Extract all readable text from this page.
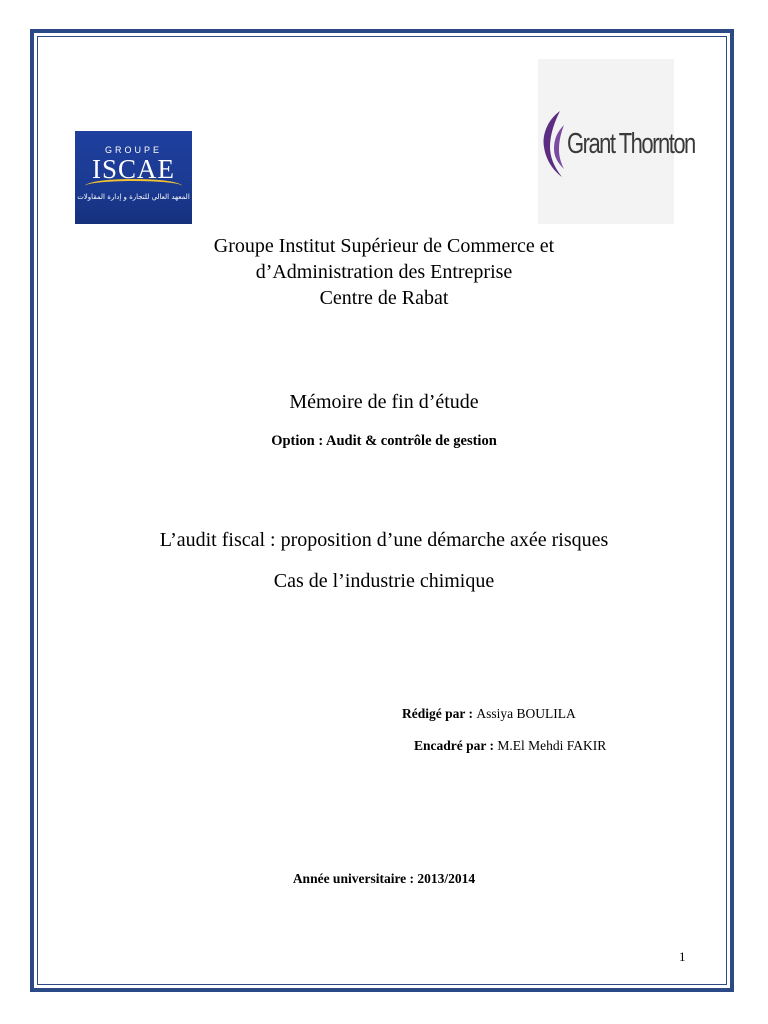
GROUPE
ISCAE
المعهد العالي للتجارة و إدارة المقاولات
Grant Thornton
Groupe Institut Supérieur de Commerce et
d’Administration des Entreprise
Centre de Rabat
Mémoire de fin d’étude
Option : Audit & contrôle de gestion
L’audit fiscal : proposition d’une démarche axée risques
Cas de l’industrie chimique
Rédigé par : Assiya BOULILA
Encadré par : M.El Mehdi FAKIR
Année universitaire : 2013/2014
1
